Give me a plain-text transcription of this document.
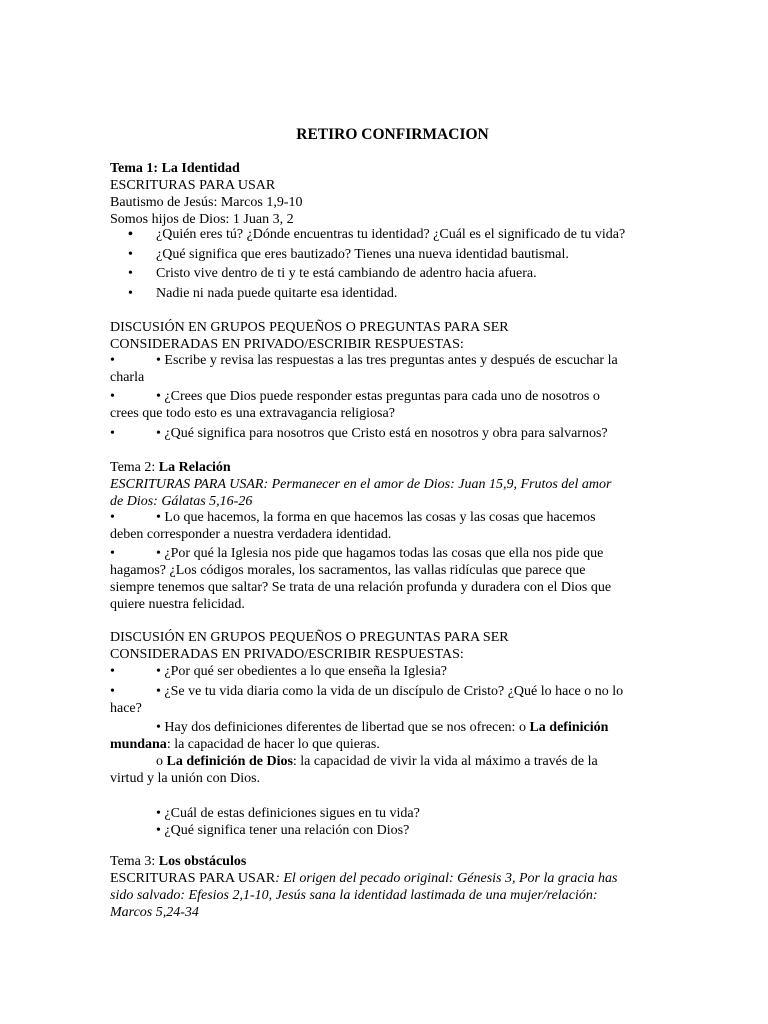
RETIRO CONFIRMACION
Tema 1: La Identidad
ESCRITURAS PARA USAR
Bautismo de Jesús: Marcos 1,9-10
Somos hijos de Dios: 1 Juan 3, 2
• ¿Quién eres tú? ¿Dónde encuentras tu identidad? ¿Cuál es el significado de tu vida?
• ¿Qué significa que eres bautizado? Tienes una nueva identidad bautismal.
• Cristo vive dentro de ti y te está cambiando de adentro hacia afuera.
• Nadie ni nada puede quitarte esa identidad.
DISCUSIÓN EN GRUPOS PEQUEÑOS O PREGUNTAS PARA SER
CONSIDERADAS EN PRIVADO/ESCRIBIR RESPUESTAS:
•	• Escribe y revisa las respuestas a las tres preguntas antes y después de escuchar la
charla
•	• ¿Crees que Dios puede responder estas preguntas para cada uno de nosotros o
crees que todo esto es una extravagancia religiosa?
•	• ¿Qué significa para nosotros que Cristo está en nosotros y obra para salvarnos?
Tema 2: La Relación
ESCRITURAS PARA USAR: Permanecer en el amor de Dios: Juan 15,9, Frutos del amor
de Dios: Gálatas 5,16-26
•	• Lo que hacemos, la forma en que hacemos las cosas y las cosas que hacemos
deben corresponder a nuestra verdadera identidad.
•	• ¿Por qué la Iglesia nos pide que hagamos todas las cosas que ella nos pide que
hagamos? ¿Los códigos morales, los sacramentos, las vallas ridículas que parece que
siempre tenemos que saltar? Se trata de una relación profunda y duradera con el Dios que
quiere nuestra felicidad.
DISCUSIÓN EN GRUPOS PEQUEÑOS O PREGUNTAS PARA SER
CONSIDERADAS EN PRIVADO/ESCRIBIR RESPUESTAS:
•	• ¿Por qué ser obedientes a lo que enseña la Iglesia?
•	• ¿Se ve tu vida diaria como la vida de un discípulo de Cristo? ¿Qué lo hace o no lo
hace?
• Hay dos definiciones diferentes de libertad que se nos ofrecen: o La definición
mundana: la capacidad de hacer lo que quieras.
o La definición de Dios: la capacidad de vivir la vida al máximo a través de la
virtud y la unión con Dios.
• ¿Cuál de estas definiciones sigues en tu vida?
• ¿Qué significa tener una relación con Dios?
Tema 3: Los obstáculos
ESCRITURAS PARA USAR: El origen del pecado original: Génesis 3, Por la gracia has
sido salvado: Efesios 2,1-10, Jesús sana la identidad lastimada de una mujer/relación:
Marcos 5,24-34
